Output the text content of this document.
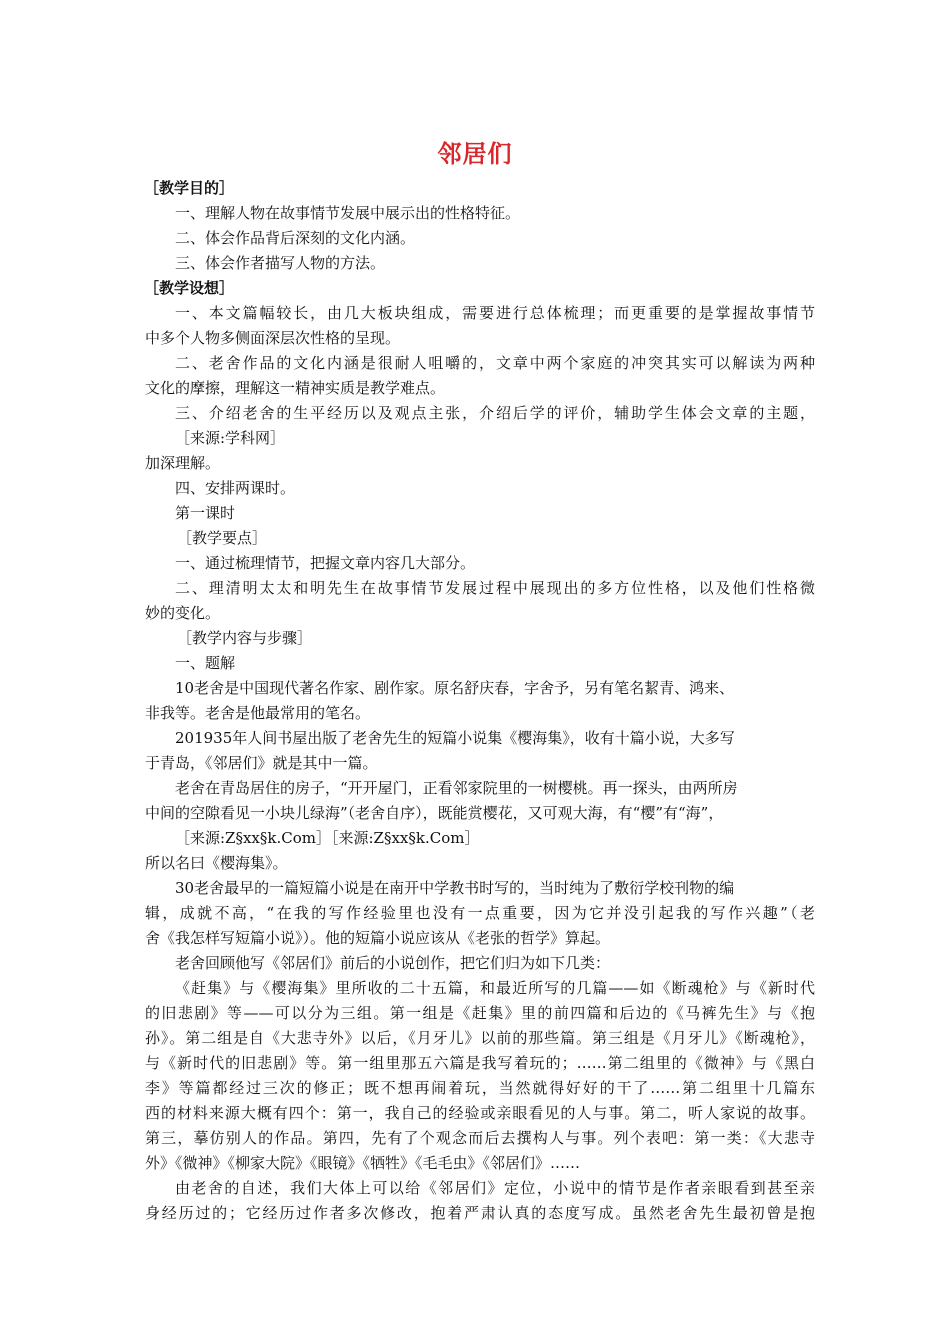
邻居们
［教学目的］
一、理解人物在故事情节发展中展示出的性格特征。
二、体会作品背后深刻的文化内涵。
三、体会作者描写人物的方法。
［教学设想］
一、本文篇幅较长，由几大板块组成，需要进行总体梳理；而更重要的是掌握故事情节
中多个人物多侧面深层次性格的呈现。
二、老舍作品的文化内涵是很耐人咀嚼的，文章中两个家庭的冲突其实可以解读为两种
文化的摩擦，理解这一精神实质是教学难点。
三、介绍老舍的生平经历以及观点主张，介绍后学的评价，辅助学生体会文章的主题，
［来源:学科网］
加深理解。
四、安排两课时。
第一课时
［教学要点］
一、通过梳理情节，把握文章内容几大部分。
二、理清明太太和明先生在故事情节发展过程中展现出的多方位性格，以及他们性格微
妙的变化。
［教学内容与步骤］
一、题解
10老舍是中国现代著名作家、剧作家。原名舒庆春，字舍予，另有笔名絜青、鸿来、
非我等。老舍是他最常用的笔名。
201935年人间书屋出版了老舍先生的短篇小说集《樱海集》，收有十篇小说，大多写
于青岛，《邻居们》就是其中一篇。
老舍在青岛居住的房子，“开开屋门，正看邻家院里的一树樱桃。再一探头，由两所房
中间的空隙看见一小块儿绿海”（老舍自序），既能赏樱花，又可观大海，有“樱”有“海”，
［来源:Z§xx§k.Com］［来源:Z§xx§k.Com］
所以名曰《樱海集》。
30老舍最早的一篇短篇小说是在南开中学教书时写的，当时纯为了敷衍学校刊物的编
辑，成就不高，“在我的写作经验里也没有一点重要，因为它并没引起我的写作兴趣”（老
舍《我怎样写短篇小说》）。他的短篇小说应该从《老张的哲学》算起。
老舍回顾他写《邻居们》前后的小说创作，把它们归为如下几类：
《赶集》与《樱海集》里所收的二十五篇，和最近所写的几篇——如《断魂枪》与《新时代
的旧悲剧》等——可以分为三组。第一组是《赶集》里的前四篇和后边的《马裤先生》与《抱
孙》。第二组是自《大悲寺外》以后，《月牙儿》以前的那些篇。第三组是《月牙儿》《断魂枪》，
与《新时代的旧悲剧》等。第一组里那五六篇是我写着玩的；……第二组里的《微神》与《黑白
李》等篇都经过三次的修正；既不想再闹着玩，当然就得好好的干了……第二组里十几篇东
西的材料来源大概有四个：第一，我自己的经验或亲眼看见的人与事。第二，听人家说的故事。
第三，摹仿别人的作品。第四，先有了个观念而后去撰构人与事。列个表吧：第一类：《大悲寺
外》《微神》《柳家大院》《眼镜》《牺牲》《毛毛虫》《邻居们》……
由老舍的自述，我们大体上可以给《邻居们》定位，小说中的情节是作者亲眼看到甚至亲
身经历过的；它经历过作者多次修改，抱着严肃认真的态度写成。虽然老舍先生最初曾是抱
